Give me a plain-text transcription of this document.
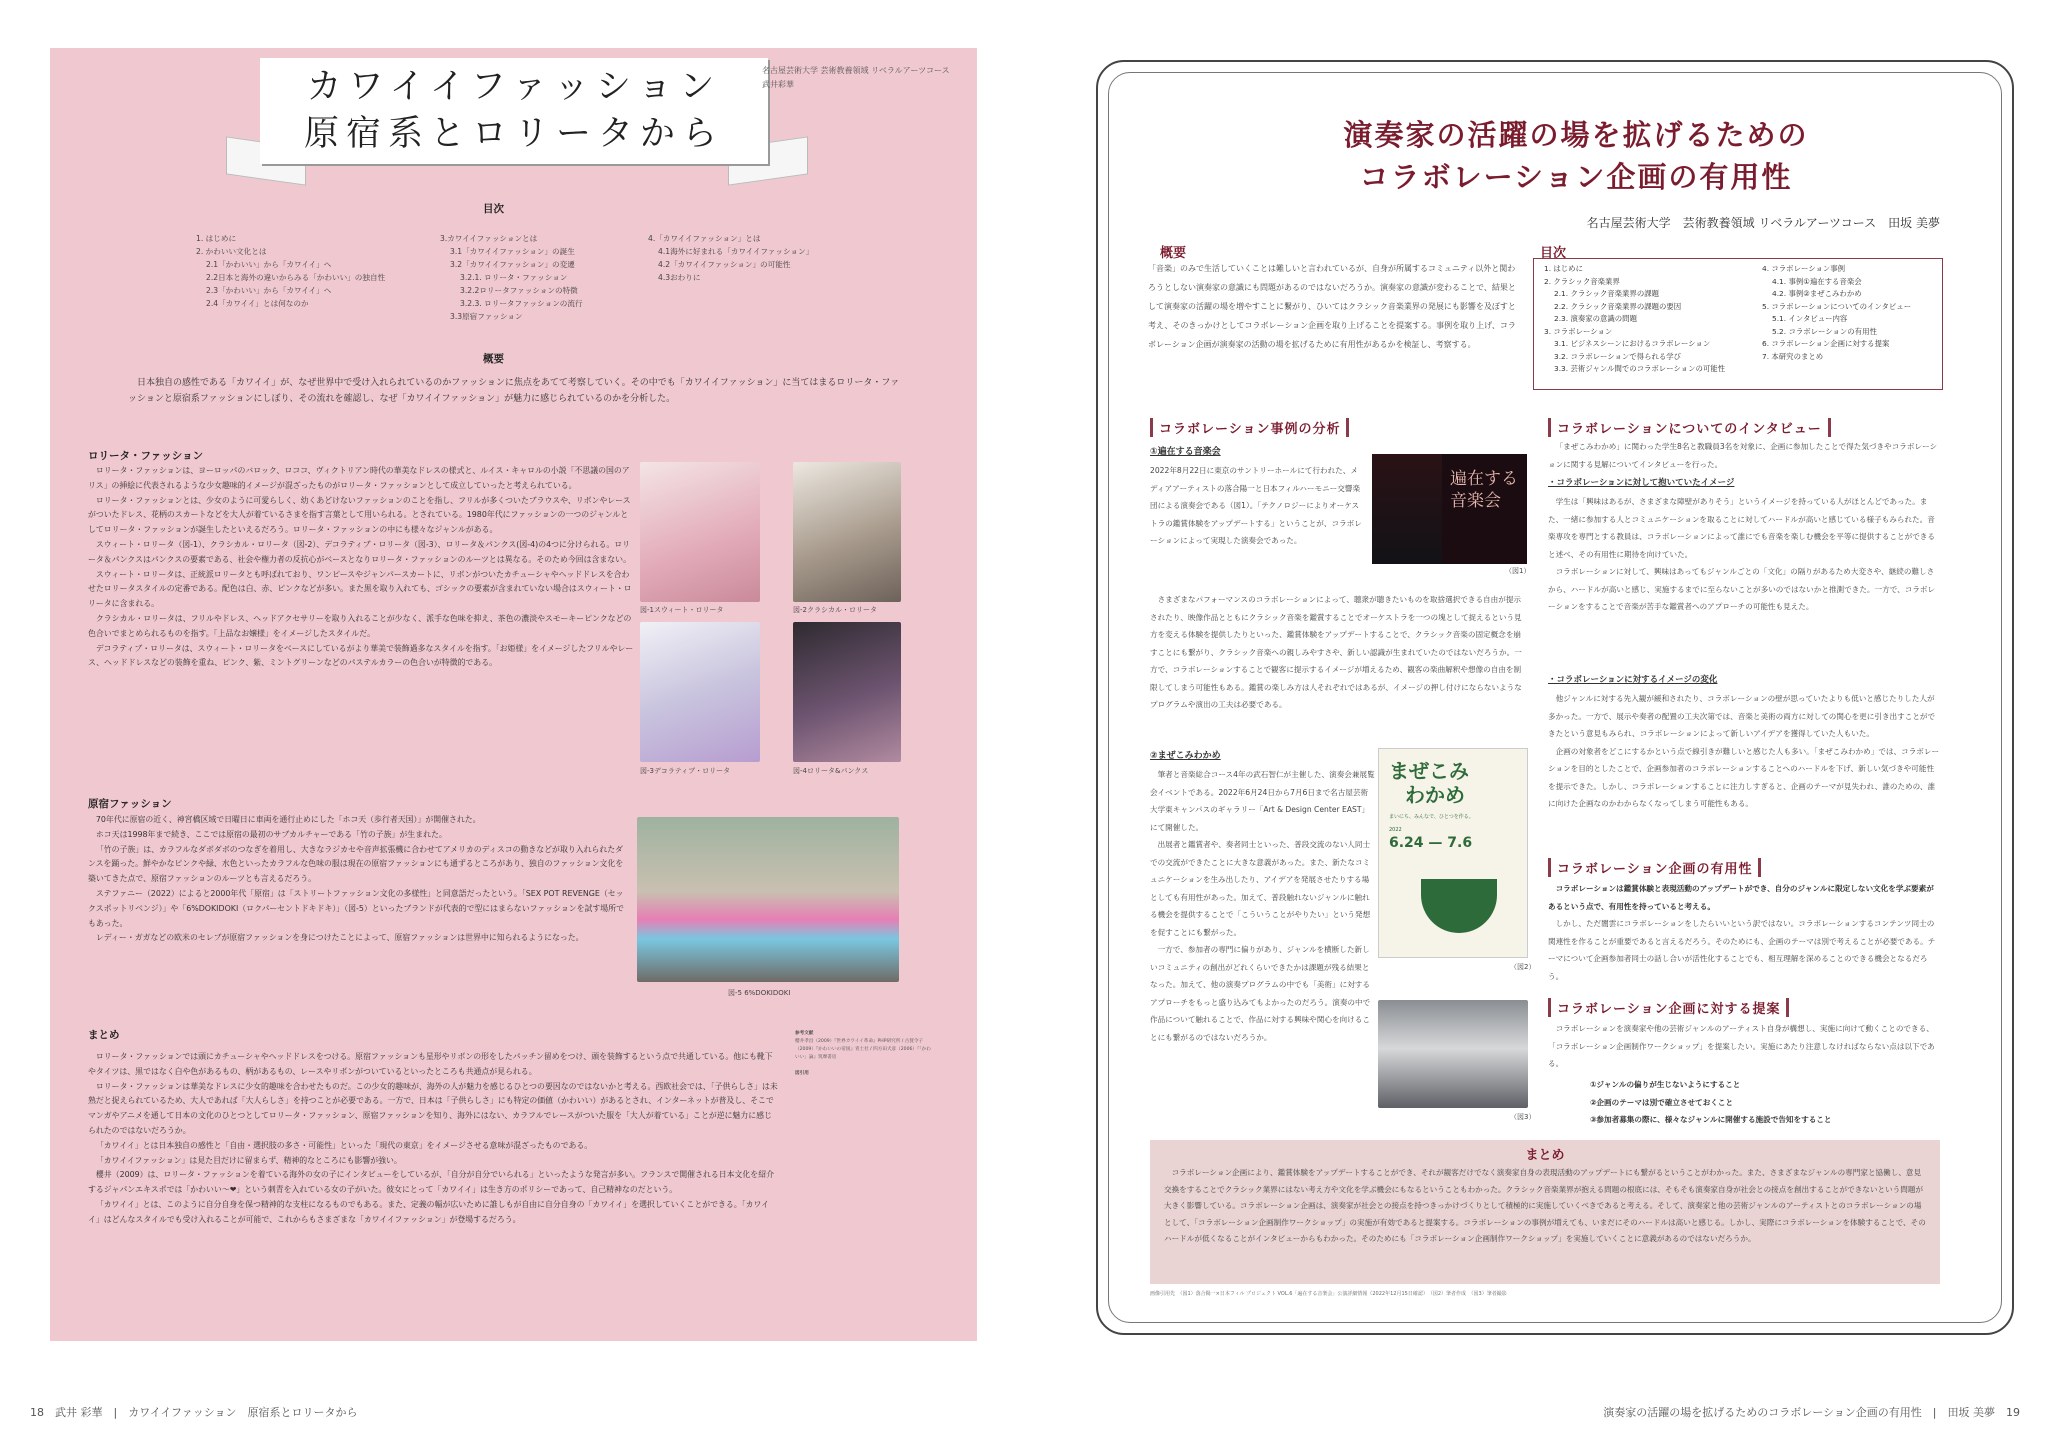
カワイイファッション
原宿系とロリータから
名古屋芸術大学 芸術教養領域 リベラルアーツコース
武井彩華
目次
1. はじめに
2. かわいい文化とは
2.1「かわいい」から「カワイイ」へ
2.2日本と海外の違いからみる「かわいい」の独自性
2.3「かわいい」から「カワイイ」へ
2.4「カワイイ」とは何なのか
3.カワイイファッションとは
3.1「カワイイファッション」の誕生
3.2「カワイイファッション」の変遷
3.2.1. ロリータ・ファッション
3.2.2ロリータファッションの特徴
3.2.3. ロリータファッションの流行
3.3原宿ファッション
4.「カワイイファッション」とは
4.1海外に好まれる「カワイイファッション」
4.2「カワイイファッション」の可能性
4.3おわりに
概要
日本独自の感性である「カワイイ」が、なぜ世界中で受け入れられているのかファッションに焦点をあてて考察していく。その中でも「カワイイファッション」に当てはまるロリータ・ファッションと原宿系ファッションにしぼり、その流れを確認し、なぜ「カワイイファッション」が魅力に感じられているのかを分析した。
ロリータ・ファッション

ロリータ・ファッションは、ヨーロッパのバロック、ロココ、ヴィクトリアン時代の華美なドレスの様式と、ルイス・キャロルの小説「不思議の国のアリス」の挿絵に代表されるような少女趣味的イメージが混ざったものがロリータ・ファッションとして成立していったと考えられている。

ロリータ・ファッションとは、少女のように可愛らしく、幼くあどけないファッションのことを指し、フリルが多くついたブラウスや、リボンやレースがついたドレス、花柄のスカートなどを大人が着ているさまを指す言葉として用いられる。とされている。1980年代にファッションの一つのジャンルとしてロリータ・ファッションが誕生したといえるだろう。ロリータ・ファッションの中にも様々なジャンルがある。

スウィート・ロリータ（図-1）、クラシカル・ロリータ（図-2）、デコラティブ・ロリータ（図-3）、ロリータ＆パンクス(図-4)の4つに分けられる。ロリータ＆パンクスはパンクスの要素である、社会や権力者の反抗心がベースとなりロリータ・ファッションのルーツとは異なる。そのため今回は含まない。

スウィート・ロリータは、正統派ロリータとも呼ばれており、ワンピースやジャンパースカートに、リボンがついたカチューシャやヘッドドレスを合わせたロリータスタイルの定番である。配色は白、赤、ピンクなどが多い。また黒を取り入れても、ゴシックの要素が含まれていない場合はスウィート・ロリータに含まれる。

クラシカル・ロリータは、フリルやドレス、ヘッドアクセサリーを取り入れることが少なく、派手な色味を抑え、茶色の濃淡やスモーキーピンクなどの色合いでまとめられるものを指す。「上品なお嬢様」をイメージしたスタイルだ。

デコラティブ・ロリータは、スウィート・ロリータをベースにしているがより華美で装飾過多なスタイルを指す。「お姫様」をイメージしたフリルやレース、ヘッドドレスなどの装飾を重ね、ピンク、紫、ミントグリーンなどのパステルカラーの色合いが特徴的である。

図-1スウィート・ロリータ	図-2クラシカル・ロリータ
図-3デコラティブ・ロリータ	図-4ロリータ&パンクス
原宿ファッション

70年代に原宿の近く、神宮橋区域で日曜日に車両を通行止めにした「ホコ天（歩行者天国）」が開催された。

ホコ天は1998年まで続き、ここでは原宿の最初のサブカルチャーである「竹の子族」が生まれた。

「竹の子族」は、カラフルなダボダボのつなぎを着用し、大きなラジカセや音声拡張機に合わせてアメリカのディスコの動きなどが取り入れられたダンスを踊った。鮮やかなピンクや緑、水色といったカラフルな色味の服は現在の原宿ファッションにも通ずるところがあり、独自のファッション文化を築いてきた点で、原宿ファッションのルーツとも言えるだろう。

ステファニー（2022）によると2000年代「原宿」は「ストリートファッション文化の多様性」と同意語だったという。「SEX POT REVENGE（セックスポットリベンジ）」や「6%DOKIDOKI（ロクパーセントドキドキ）」（図-5）といったブランドが代表的で型にはまらないファッションを試す場所でもあった。

レディー・ガガなどの欧米のセレブが原宿ファッションを身につけたことによって、原宿ファッションは世界中に知られるようになった。

図-5 6%DOKIDOKI
まとめ

ロリータ・ファッションでは頭にカチューシャやヘッドドレスをつける。原宿ファッションも星形やリボンの形をしたパッチン留めをつけ、頭を装飾するという点で共通している。他にも靴下やタイツは、黒ではなく白や色があるもの、柄があるもの、レースやリボンがついているといったところも共通点が見られる。

ロリータ・ファッションは華美なドレスに少女的趣味を合わせたものだ。この少女的趣味が、海外の人が魅力を感じるひとつの要因なのではないかと考える。西欧社会では、「子供らしさ」は未熟だと捉えられているため、大人であれば「大人らしさ」を持つことが必要である。一方で、日本は「子供らしさ」にも特定の価値（かわいい）があるとされ、インターネットが普及し、そこでマンガやアニメを通して日本の文化のひとつとしてロリータ・ファッション、原宿ファッションを知り、海外にはない、カラフルでレースがついた服を「大人が着ている」ことが逆に魅力に感じられたのではないだろうか。

「カワイイ」とは日本独自の感性と「自由・選択肢の多さ・可能性」といった「現代の東京」をイメージさせる意味が混ざったものである。

「カワイイファッション」は見た目だけに留まらず、精神的なところにも影響が強い。

櫻井（2009）は、ロリータ・ファッションを着ている海外の女の子にインタビューをしているが、「自分が自分でいられる」といったような発言が多い。フランスで開催される日本文化を紹介するジャパンエキスポでは「かわいい〜❤」という刺青を入れている女の子がいた。彼女にとって「カワイイ」は生き方のポリシーであって、自己精神なのだという。

「カワイイ」とは、このように自分自身を保つ精神的な支柱になるものでもある。また、定義の幅が広いために誰しもが自由に自分自身の「カワイイ」を選択していくことができる。「カワイイ」はどんなスタイルでも受け入れることが可能で、これからもさまざまな「カワイイファッション」が登場するだろう。

参考文献
櫻井孝昌（2009）『世界カワイイ革命』PHP研究所 / 古賀令子（2009）『かわいいの帝国』青土社 / 四方田犬彦（2006）『「かわいい」論』筑摩書房
図引用
18　武井 彩華　|　カワイイファッション　原宿系とロリータから
演奏家の活躍の場を拡げるための
コラボレーション企画の有用性
名古屋芸術大学　芸術教養領域 リベラルアーツコース　田坂 美夢
概要
「音楽」のみで生活していくことは難しいと言われているが、自身が所属するコミュニティ以外と関わろうとしない演奏家の意識にも問題があるのではないだろうか。演奏家の意識が変わることで、結果として演奏家の活躍の場を増やすことに繋がり、ひいてはクラシック音楽業界の発展にも影響を及ぼすと考え、そのきっかけとしてコラボレーション企画を取り上げることを提案する。事例を取り上げ、コラボレーション企画が演奏家の活動の場を拡げるために有用性があるかを検証し、考察する。
目次
1. はじめに
2. クラシック音楽業界
2.1. クラシック音楽業界の課題
2.2. クラシック音楽業界の課題の要因
2.3. 演奏家の意識の問題
3. コラボレーション
3.1. ビジネスシーンにおけるコラボレーション
3.2. コラボレーションで得られる学び
3.3. 芸術ジャンル間でのコラボレーションの可能性
4. コラボレーション事例
4.1. 事例①遍在する音楽会
4.2. 事例②まぜこみわかめ
5. コラボレーションについてのインタビュー
5.1. インタビュー内容
5.2. コラボレーションの有用性
6. コラボレーション企画に対する提案
7. 本研究のまとめ
コラボレーション事例の分析
①遍在する音楽会
2022年8月22日に東京のサントリーホールにて行われた、メディアアーティストの落合陽一と日本フィルハーモニー交響楽団による演奏会である（図1）。「テクノロジーによりオーケストラの鑑賞体験をアップデートする」ということが、コラボレーションによって実現した演奏会であった。
遍在する音楽会
（図1）
さまざまなパフォーマンスのコラボレーションによって、聴衆が聴きたいものを取捨選択できる自由が提示されたり、映像作品とともにクラシック音楽を鑑賞することでオーケストラを一つの塊として捉えるという見方を変える体験を提供したりといった、鑑賞体験をアップデートすることで、クラシック音楽の固定概念を崩すことにも繋がり、クラシック音楽への親しみやすさや、新しい認識が生まれていたのではないだろうか。一方で、コラボレーションすることで観客に提示するイメージが増えるため、観客の楽曲解釈や想像の自由を制限してしまう可能性もある。鑑賞の楽しみ方は人それぞれではあるが、イメージの押し付けにならないようなプログラムや演出の工夫は必要である。
②まぜこみわかめ

筆者と音楽総合コース4年の武石智仁が主催した、演奏会兼展覧会イベントである。2022年6月24日から7月6日まで名古屋芸術大学東キャンパスのギャラリー「Art & Design Center EAST」にて開催した。

出展者と鑑賞者や、奏者同士といった、普段交流のない人同士での交流ができたことに大きな意義があった。また、新たなコミュニケーションを生み出したり、アイデアを発展させたりする場としても有用性があった。加えて、普段触れないジャンルに触れる機会を提供することで「こういうことがやりたい」という発想を促すことにも繋がった。

一方で、参加者の専門に偏りがあり、ジャンルを横断した新しいコミュニティの創出がどれくらいできたかは課題が残る結果となった。加えて、他の演奏プログラムの中でも「美術」に対するアプローチをもっと盛り込みてもよかったのだろう。演奏の中で作品について触れることで、作品に対する興味や関心を向けることにも繋がるのではないだろうか。

まぜこみ
わかめ
まいにち、みんなで、ひとつを作る。
2022
6.24 — 7.6
（図2）
（図3）
コラボレーションについてのインタビュー
「まぜこみわかめ」に関わった学生8名と教職員3名を対象に、企画に参加したことで得た気づきやコラボレーションに関する見解についてインタビューを行った。
・コラボレーションに対して抱いていたイメージ

学生は「興味はあるが、さまざまな障壁がありそう」というイメージを持っている人がほとんどであった。また、一緒に参加する人とコミュニケーションを取ることに対してハードルが高いと感じている様子もみられた。音楽専攻を専門とする教員は、コラボレーションによって誰にでも音楽を楽しむ機会を平等に提供することができると述べ、その有用性に期待を向けていた。

コラボレーションに対して、興味はあってもジャンルごとの「文化」の隔りがあるため大変さや、継続の難しさから、ハードルが高いと感じ、実施するまでに至らないことが多いのではないかと推測できた。一方で、コラボレーションをすることで音楽が苦手な鑑賞者へのアプローチの可能性も見えた。

・コラボレーションに対するイメージの変化

他ジャンルに対する先入観が緩和されたり、コラボレーションの壁が思っていたよりも低いと感じたりした人が多かった。一方で、展示や奏者の配置の工夫次第では、音楽と美術の両方に対しての関心を更に引き出すことができたという意見もみられ、コラボレーションによって新しいアイデアを獲得していた人もいた。

企画の対象者をどこにするかという点で線引きが難しいと感じた人も多い。「まぜこみわかめ」では、コラボレーションを目的としたことで、企画参加者のコラボレーションすることへのハードルを下げ、新しい気づきや可能性を提示できた。しかし、コラボレーションすることに注力しすぎると、企画のテーマが見失われ、誰のための、誰に向けた企画なのかわからなくなってしまう可能性もある。

コラボレーション企画の有用性

コラボレーションは鑑賞体験と表現活動のアップデートができ、自分のジャンルに限定しない文化を学ぶ要素があるという点で、有用性を持っていると考える。

しかし、ただ闇雲にコラボレーションをしたらいいという訳ではない。コラボレーションするコンテンツ同士の関連性を作ることが重要であると言えるだろう。そのためにも、企画のテーマは別で考えることが必要である。テーマについて企画参加者同士の話し合いが活性化することでも、相互理解を深めることのできる機会となるだろう。

コラボレーション企画に対する提案
コラボレーションを演奏家や他の芸術ジャンルのアーティスト自身が構想し、実施に向けて動くことのできる、「コラボレーション企画制作ワークショップ」を提案したい。実施にあたり注意しなければならない点は以下である。
①ジャンルの偏りが生じないようにすること
②企画のテーマは別で確立させておくこと
③参加者募集の際に、様々なジャンルに開催する施設で告知をすること
まとめ
コラボレーション企画により、鑑賞体験をアップデートすることができ、それが観客だけでなく演奏家自身の表現活動のアップデートにも繋がるということがわかった。また、さまざまなジャンルの専門家と協働し、意見交換をすることでクラシック業界にはない考え方や文化を学ぶ機会にもなるということもわかった。クラシック音楽業界が抱える問題の根底には、そもそも演奏家自身が社会との接点を創出することができないという問題が大きく影響している。コラボレーション企画は、演奏家が社会との接点を持つきっかけづくりとして積極的に実施していくべきであると考える。そして、演奏家と他の芸術ジャンルのアーティストとのコラボレーションの場として、「コラボレーション企画制作ワークショップ」の実施が有効であると提案する。コラボレーションの事例が増えても、いまだにそのハードルは高いと感じる。しかし、実際にコラボレーションを体験することで、そのハードルが低くなることがインタビューからもわかった。そのためにも「コラボレーション企画制作ワークショップ」を実施していくことに意義があるのではないだろうか。
画像引用先　（図1）落合陽一×日本フィル プロジェクト VOL.6「遍在する音楽会」公演詳細情報（2022年12月15日確認）　（図2）筆者作成　（図3）筆者撮影
演奏家の活躍の場を拡げるためのコラボレーション企画の有用性　|　田坂 美夢　19
